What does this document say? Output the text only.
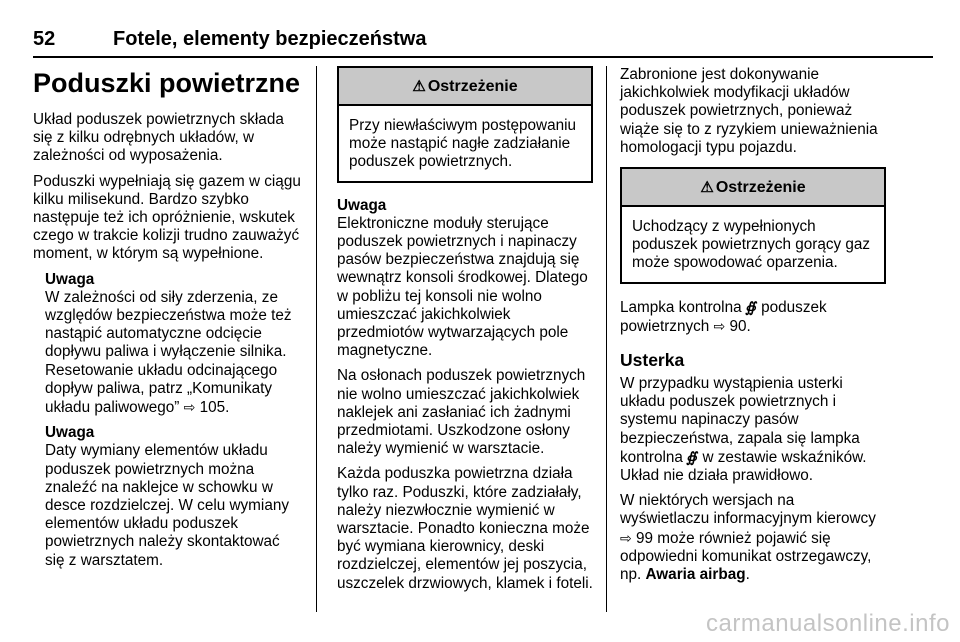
52	Fotele, elementy bezpieczeństwa
Poduszki powietrzne

Układ poduszek powietrznych składa się z kilku odrębnych układów, w zależności od wyposażenia.

Poduszki wypełniają się gazem w ciągu kilku milisekund. Bardzo szybko następuje też ich opróżnienie, wskutek czego w trakcie kolizji trudno zauważyć moment, w którym są wypełnione.

Uwaga

W zależności od siły zderzenia, ze względów bezpieczeństwa może też nastąpić automatyczne odcięcie dopływu paliwa i wyłączenie silnika. Resetowanie układu odcinającego dopływ paliwa, patrz „Komunikaty układu paliwowego” ⇨ 105.

Uwaga

Daty wymiany elementów układu poduszek powietrznych można znaleźć na naklejce w schowku w desce rozdzielczej. W celu wymiany elementów układu poduszek powietrznych należy skontaktować się z warsztatem.

⚠ Ostrzeżenie
Przy niewłaściwym postępowaniu może nastąpić nagłe zadziałanie poduszek powietrznych.
Uwaga

Elektroniczne moduły sterujące poduszek powietrznych i napinaczy pasów bezpieczeństwa znajdują się wewnątrz konsoli środkowej. Dlatego w pobliżu tej konsoli nie wolno umieszczać jakichkolwiek przedmiotów wytwarzających pole magnetyczne.

Na osłonach poduszek powietrznych nie wolno umieszczać jakichkolwiek naklejek ani zasłaniać ich żadnymi przedmiotami. Uszkodzone osłony należy wymienić w warsztacie.

Każda poduszka powietrzna działa tylko raz. Poduszki, które zadziałały, należy niezwłocznie wymienić w warsztacie. Ponadto konieczna może być wymiana kierownicy, deski rozdzielczej, elementów jej poszycia, uszczelek drzwiowych, klamek i foteli.

Zabronione jest dokonywanie jakichkolwiek modyfikacji układów poduszek powietrznych, ponieważ wiąże się to z ryzykiem unieważnienia homologacji typu pojazdu.

⚠ Ostrzeżenie
Uchodzący z wypełnionych poduszek powietrznych gorący gaz może spowodować oparzenia.

Lampka kontrolna ∯ poduszek powietrznych ⇨ 90.

Usterka

W przypadku wystąpienia usterki układu poduszek powietrznych i systemu napinaczy pasów bezpieczeństwa, zapala się lampka kontrolna ∯ w zestawie wskaźników. Układ nie działa prawidłowo.

W niektórych wersjach na wyświetlaczu informacyjnym kierowcy ⇨ 99 może również pojawić się odpowiedni komunikat ostrzegawczy, np. Awaria airbag.

carmanualsonline.info
